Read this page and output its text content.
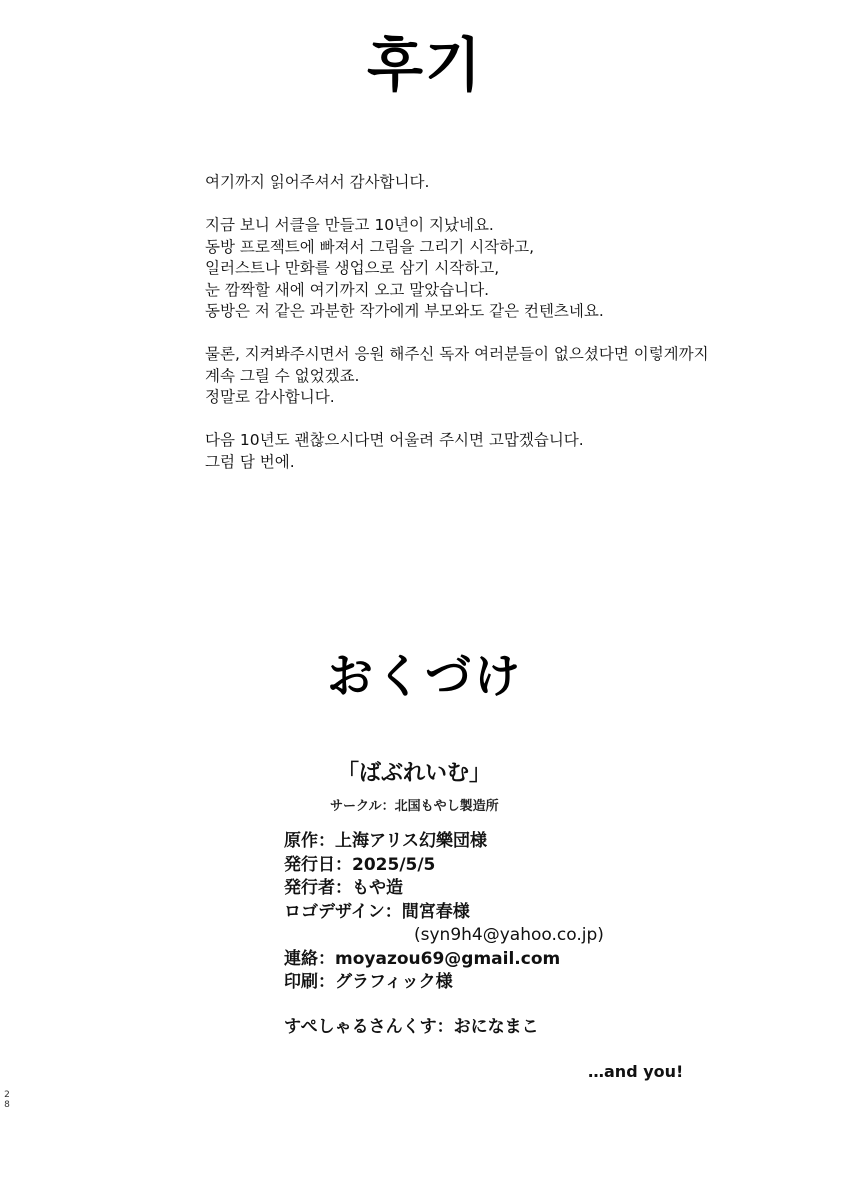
후기
여기까지 읽어주셔서 감사합니다.
지금 보니 서클을 만들고 10년이 지났네요.
동방 프로젝트에 빠져서 그림을 그리기 시작하고,
일러스트나 만화를 생업으로 삼기 시작하고,
눈 깜짝할 새에 여기까지 오고 말았습니다.
동방은 저 같은 과분한 작가에게 부모와도 같은 컨텐츠네요.
물론, 지켜봐주시면서 응원 해주신 독자 여러분들이 없으셨다면 이렇게까지
계속 그릴 수 없었겠죠.
정말로 감사합니다.
다음 10년도 괜찮으시다면 어울려 주시면 고맙겠습니다.
그럼 담 번에.
おくづけ
「ばぶれいむ」
サークル：北国もやし製造所
原作：上海アリス幻樂団様
発行日：2025/5/5
発行者：もや造
ロゴデザイン：間宮春様
(syn9h4@yahoo.co.jp)
連絡：moyazou69@gmail.com
印刷：グラフィック様
すぺしゃるさんくす：おになまこ
…and you!
28
